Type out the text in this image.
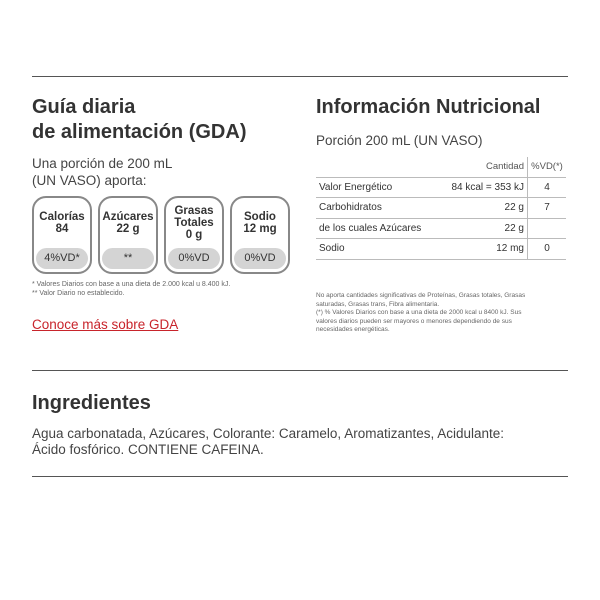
Guía diaria
de alimentación (GDA)
Una porción de 200 mL
(UN VASO) aporta:
Calorías
84
4%VD*
Azúcares
22 g
**
Grasas
Totales
0 g
0%VD
Sodio
12 mg
0%VD
* Valores Diarios con base a una dieta de 2.000 kcal u 8.400 kJ.
** Valor Diario no establecido.
Conoce más sobre GDA
Información Nutricional
Porción 200 mL (UN VASO)
	Cantidad	%VD(*)
Valor Energético	84 kcal = 353 kJ	4
Carbohidratos	22 g	7
de los cuales Azúcares	22 g	
Sodio	12 mg	0
No aporta cantidades significativas de Proteínas, Grasas totales, Grasas
saturadas, Grasas trans, Fibra alimentaria.
(*) % Valores Diarios con base a una dieta de 2000 kcal u 8400 kJ. Sus
valores diarios pueden ser mayores o menores dependiendo de sus
necesidades energéticas.
Ingredientes
Agua carbonatada, Azúcares, Colorante: Caramelo, Aromatizantes, Acidulante:
Ácido fosfórico. CONTIENE CAFEINA.
